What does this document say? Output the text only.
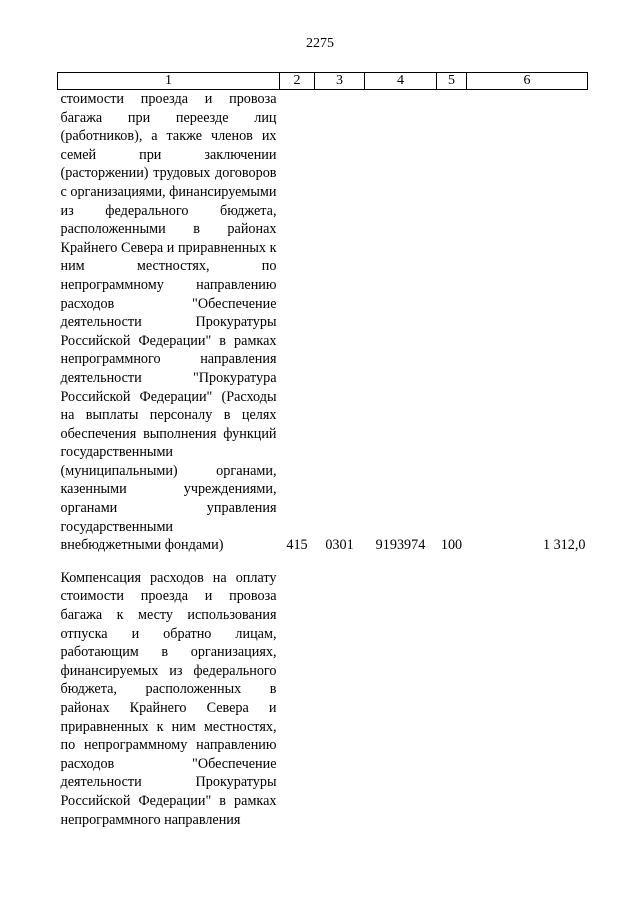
2275
1	2	3	4	5	6
стоимости проезда и провоза багажа при переезде лиц (работников), а также членов их семей при заключении (расторжении) трудовых договоров с организациями, финансируемыми из федерального бюджета, расположенными в районах Крайнего Севера и приравненных к ним местностях, по непрограммному направлению расходов "Обеспечение деятельности Прокуратуры Российской Федерации" в рамках непрограммного направления деятельности "Прокуратура Российской Федерации" (Расходы на выплаты персоналу в целях обеспечения выполнения функций государственными (муниципальными) органами, казенными учреждениями, органами управления государственными внебюджетными фондами)	415	0301	9193974	100	1 312,0

Компенсация расходов на оплату стоимости проезда и провоза багажа к месту использования отпуска и обратно лицам, работающим в организациях, финансируемых из федерального бюджета, расположенных в районах Крайнего Севера и приравненных к ним местностях, по непрограммному направлению расходов "Обеспечение деятельности Прокуратуры Российской Федерации" в рамках непрограммного направления					
